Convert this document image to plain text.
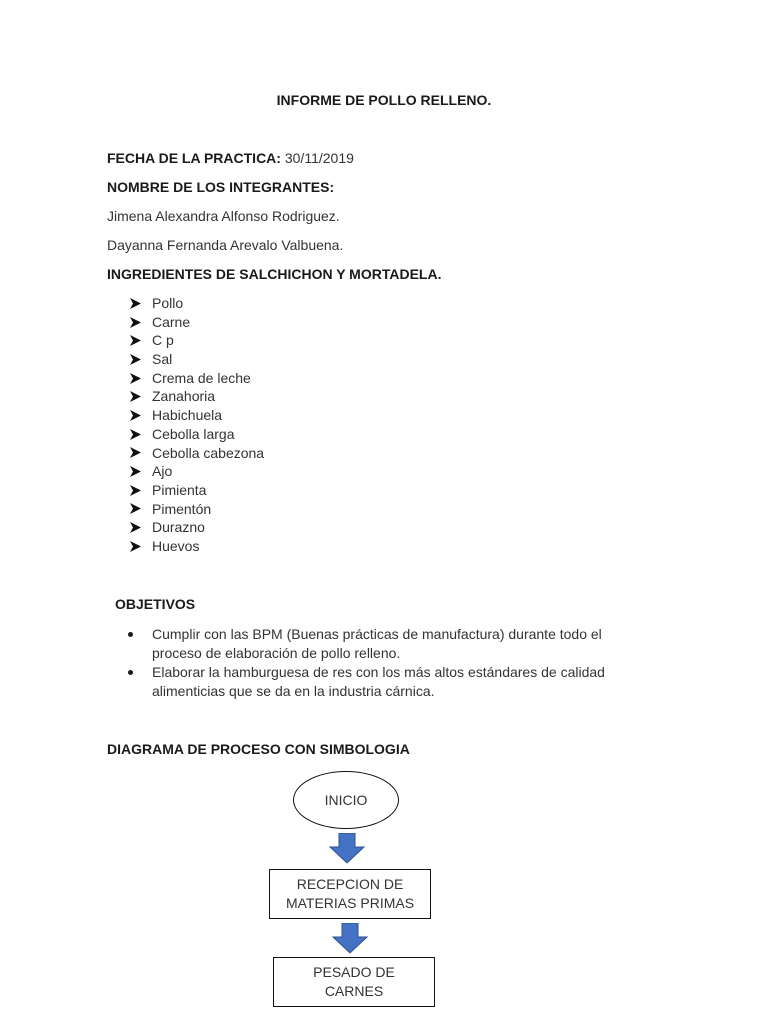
INFORME DE POLLO RELLENO.

FECHA DE LA PRACTICA: 30/11/2019

NOMBRE DE LOS INTEGRANTES:

Jimena Alexandra Alfonso Rodriguez.

Dayanna Fernanda Arevalo Valbuena.

INGREDIENTES DE SALCHICHON Y MORTADELA.

Pollo
Carne
C p
Sal
Crema de leche
Zanahoria
Habichuela
Cebolla larga
Cebolla cabezona
Ajo
Pimienta
Pimentón
Durazno
Huevos

OBJETIVOS

Cumplir con las BPM (Buenas prácticas de manufactura) durante todo el proceso de elaboración de pollo relleno.
Elaborar la hamburguesa de res con los más altos estándares de calidad alimenticias que se da en la industria cárnica.

DIAGRAMA DE PROCESO CON SIMBOLOGIA

INICIO
RECEPCION DE MATERIAS PRIMAS
PESADO DE CARNES
